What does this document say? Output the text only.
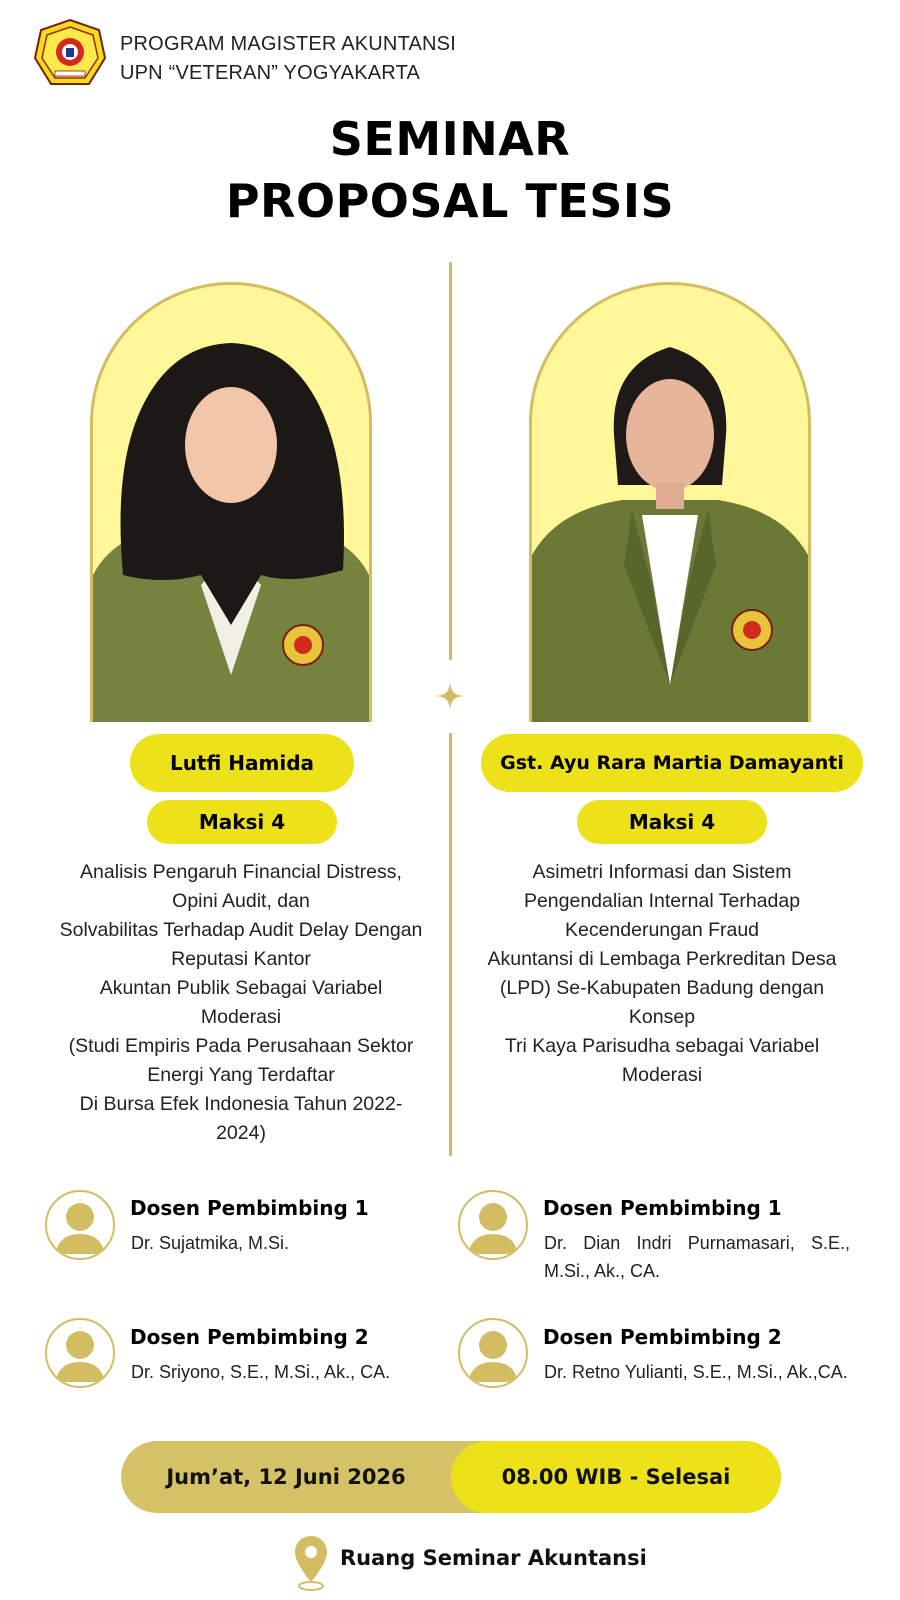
PROGRAM MAGISTER AKUNTANSI
UPN “VETERAN” YOGYAKARTA
SEMINAR
PROPOSAL TESIS
Lutfi Hamida	Gst. Ayu Rara Martia Damayanti
Maksi 4	Maksi 4
Analisis Pengaruh Financial Distress,
Opini Audit, dan
Solvabilitas Terhadap Audit Delay Dengan
Reputasi Kantor
Akuntan Publik Sebagai Variabel
Moderasi
(Studi Empiris Pada Perusahaan Sektor
Energi Yang Terdaftar
Di Bursa Efek Indonesia Tahun 2022-
2024)
Asimetri Informasi dan Sistem
Pengendalian Internal Terhadap
Kecenderungan Fraud
Akuntansi di Lembaga Perkreditan Desa
(LPD) Se-Kabupaten Badung dengan
Konsep
Tri Kaya Parisudha sebagai Variabel
Moderasi
Dosen Pembimbing 1
Dr. Sujatmika, M.Si.
Dosen Pembimbing 2
Dr. Sriyono, S.E., M.Si., Ak., CA.
Dosen Pembimbing 1
Dr. Dian Indri Purnamasari, S.E., M.Si., Ak., CA.
Dosen Pembimbing 2
Dr. Retno Yulianti, S.E., M.Si., Ak.,CA.
Jum’at, 12 Juni 2026	08.00 WIB - Selesai
Ruang Seminar Akuntansi
